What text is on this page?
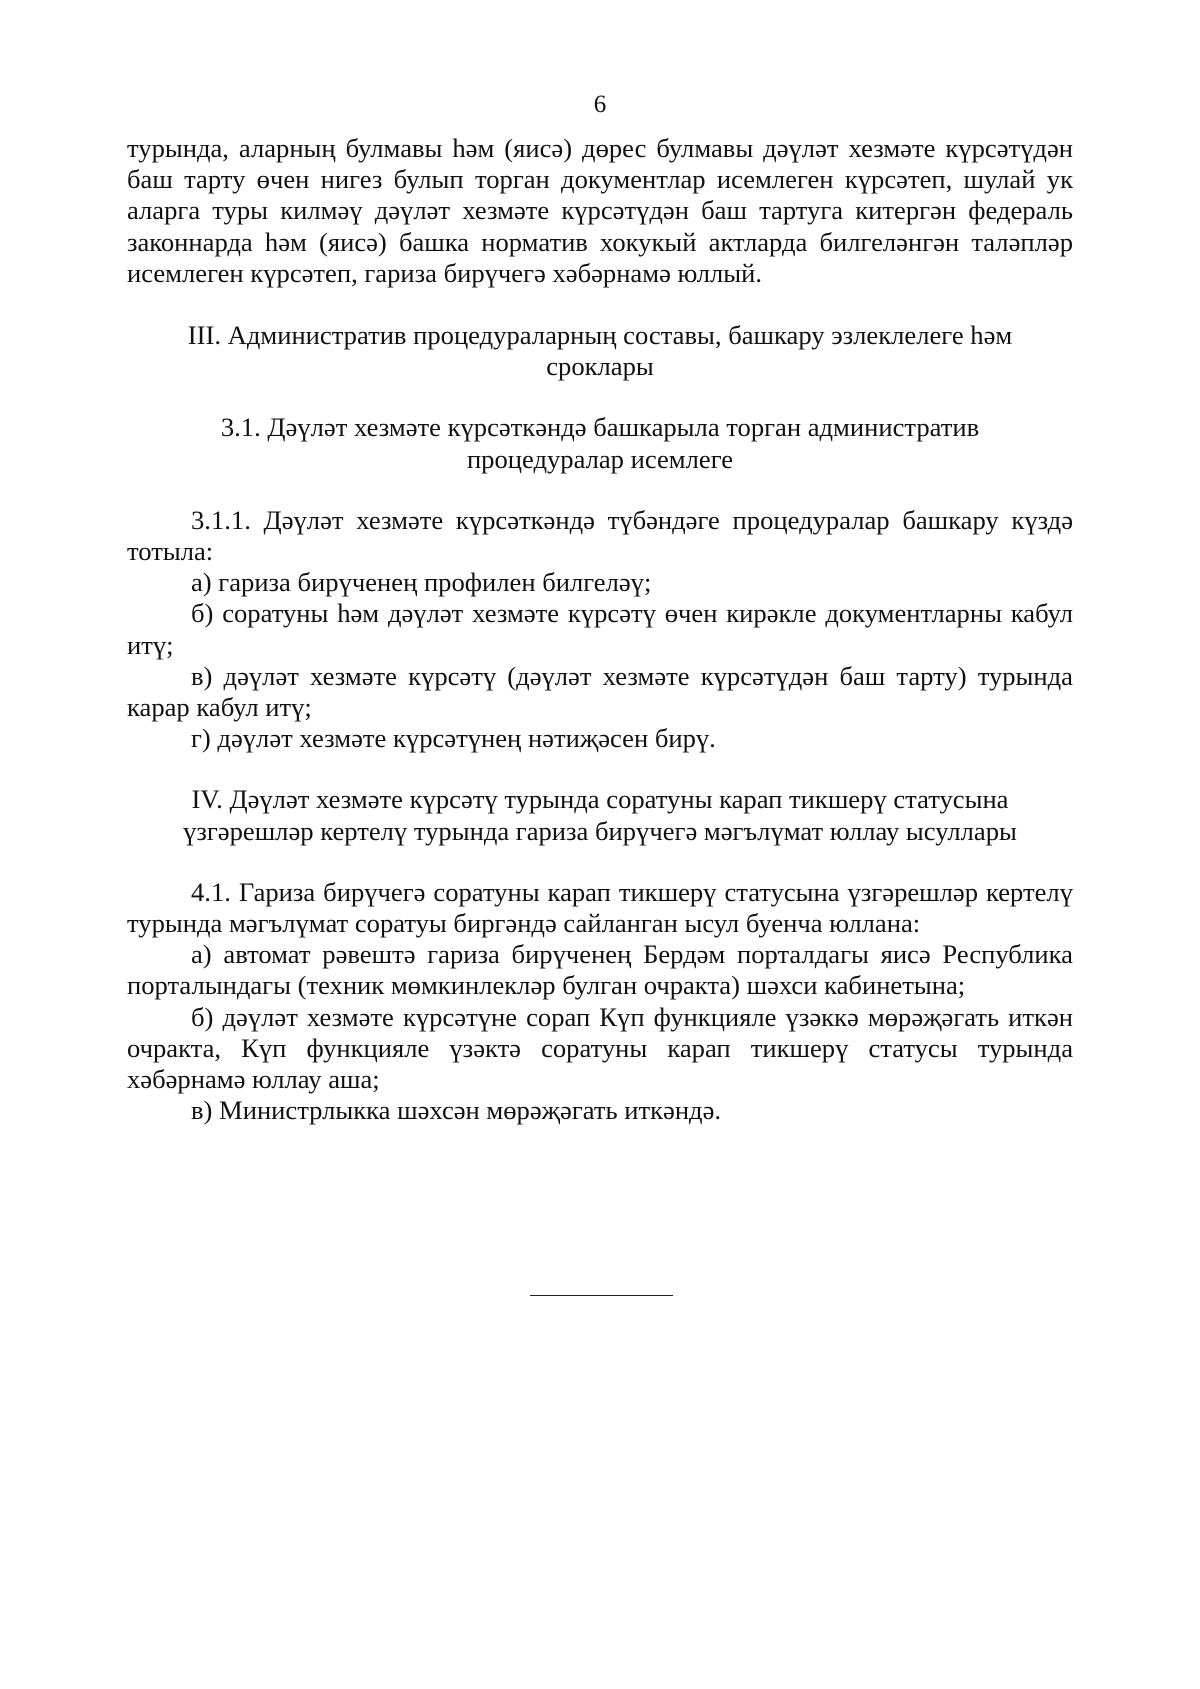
6

турында, аларның булмавы һәм (яисә) дөрес булмавы дәүләт хезмәте күрсәтүдән баш тарту өчен нигез булып торган документлар исемлеген күрсәтеп, шулай ук аларга туры килмәү дәүләт хезмәте күрсәтүдән баш тартуга китергән федераль законнарда һәм (яисә) башка норматив хокукый актларда билгеләнгән таләпләр исемлеген күрсәтеп, гариза бирүчегә хәбәрнамә юллый.

III. Административ процедураларның составы, башкару эзлеклелеге һәм
сроклары

3.1. Дәүләт хезмәте күрсәткәндә башкарыла торган административ
процедуралар исемлеге

3.1.1. Дәүләт хезмәте күрсәткәндә түбәндәге процедуралар башкару күздә тотыла:

а) гариза бирүченең профилен билгеләү;

б) соратуны һәм дәүләт хезмәте күрсәтү өчен кирәкле документларны кабул итү;

в) дәүләт хезмәте күрсәтү (дәүләт хезмәте күрсәтүдән баш тарту) турында карар кабул итү;

г) дәүләт хезмәте күрсәтүнең нәтиҗәсен бирү.

IV. Дәүләт хезмәте күрсәтү турында соратуны карап тикшерү статусына
үзгәрешләр кертелү турында гариза бирүчегә мәгълүмат юллау ысуллары

4.1. Гариза бирүчегә соратуны карап тикшерү статусына үзгәрешләр кертелү турында мәгълүмат соратуы биргәндә сайланган ысул буенча юллана:

а) автомат рәвештә гариза бирүченең Бердәм порталдагы яисә Республика порталындагы (техник мөмкинлекләр булган очракта) шәхси кабинетына;

б) дәүләт хезмәте күрсәтүне сорап Күп функцияле үзәккә мөрәҗәгать иткән очракта, Күп функцияле үзәктә соратуны карап тикшерү статусы турында хәбәрнамә юллау аша;

в) Министрлыкка шәхсән мөрәҗәгать иткәндә.
